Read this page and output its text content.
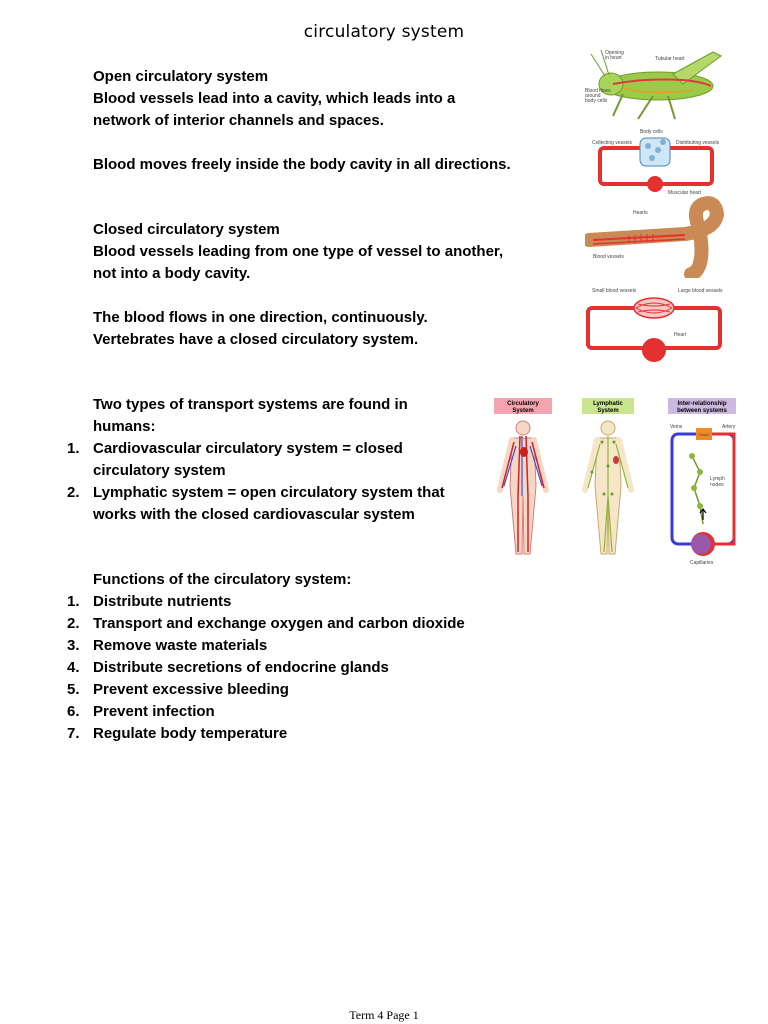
circulatory system

Open circulatory system

Blood vessels lead into a cavity, which leads into a

network of interior channels and spaces.

Blood moves freely inside the body cavity in all directions.

Closed circulatory system

Blood vessels leading from one type of vessel to another,

not into a body cavity.

The blood flows in one direction, continuously.

Vertebrates have a closed circulatory system.

Two types of transport systems are found in

humans:

1. Cardiovascular circulatory system = closed
circulatory system
2. Lymphatic system = open circulatory system that
works with the closed cardiovascular system

Functions of the circulatory system:

1. Distribute nutrients
2. Transport and exchange oxygen and carbon dioxide
3. Remove waste materials
4. Distribute secretions of endocrine glands
5. Prevent excessive bleeding
6. Prevent infection
7. Regulate body temperature
Opening
in heart	Tubular heart
Blood flows
around
body cells
Body cells
Collecting vessels	Distributing vessels
Muscular heart
Hearts
Blood vessels
Small blood vessels	Large blood vessels
Heart
Circulatory
System
Lymphatic
System
Inter-relationship
between systems
Veins	Artery
Heart
Lymph
nodes
Capillaries
Term 4 Page 1
